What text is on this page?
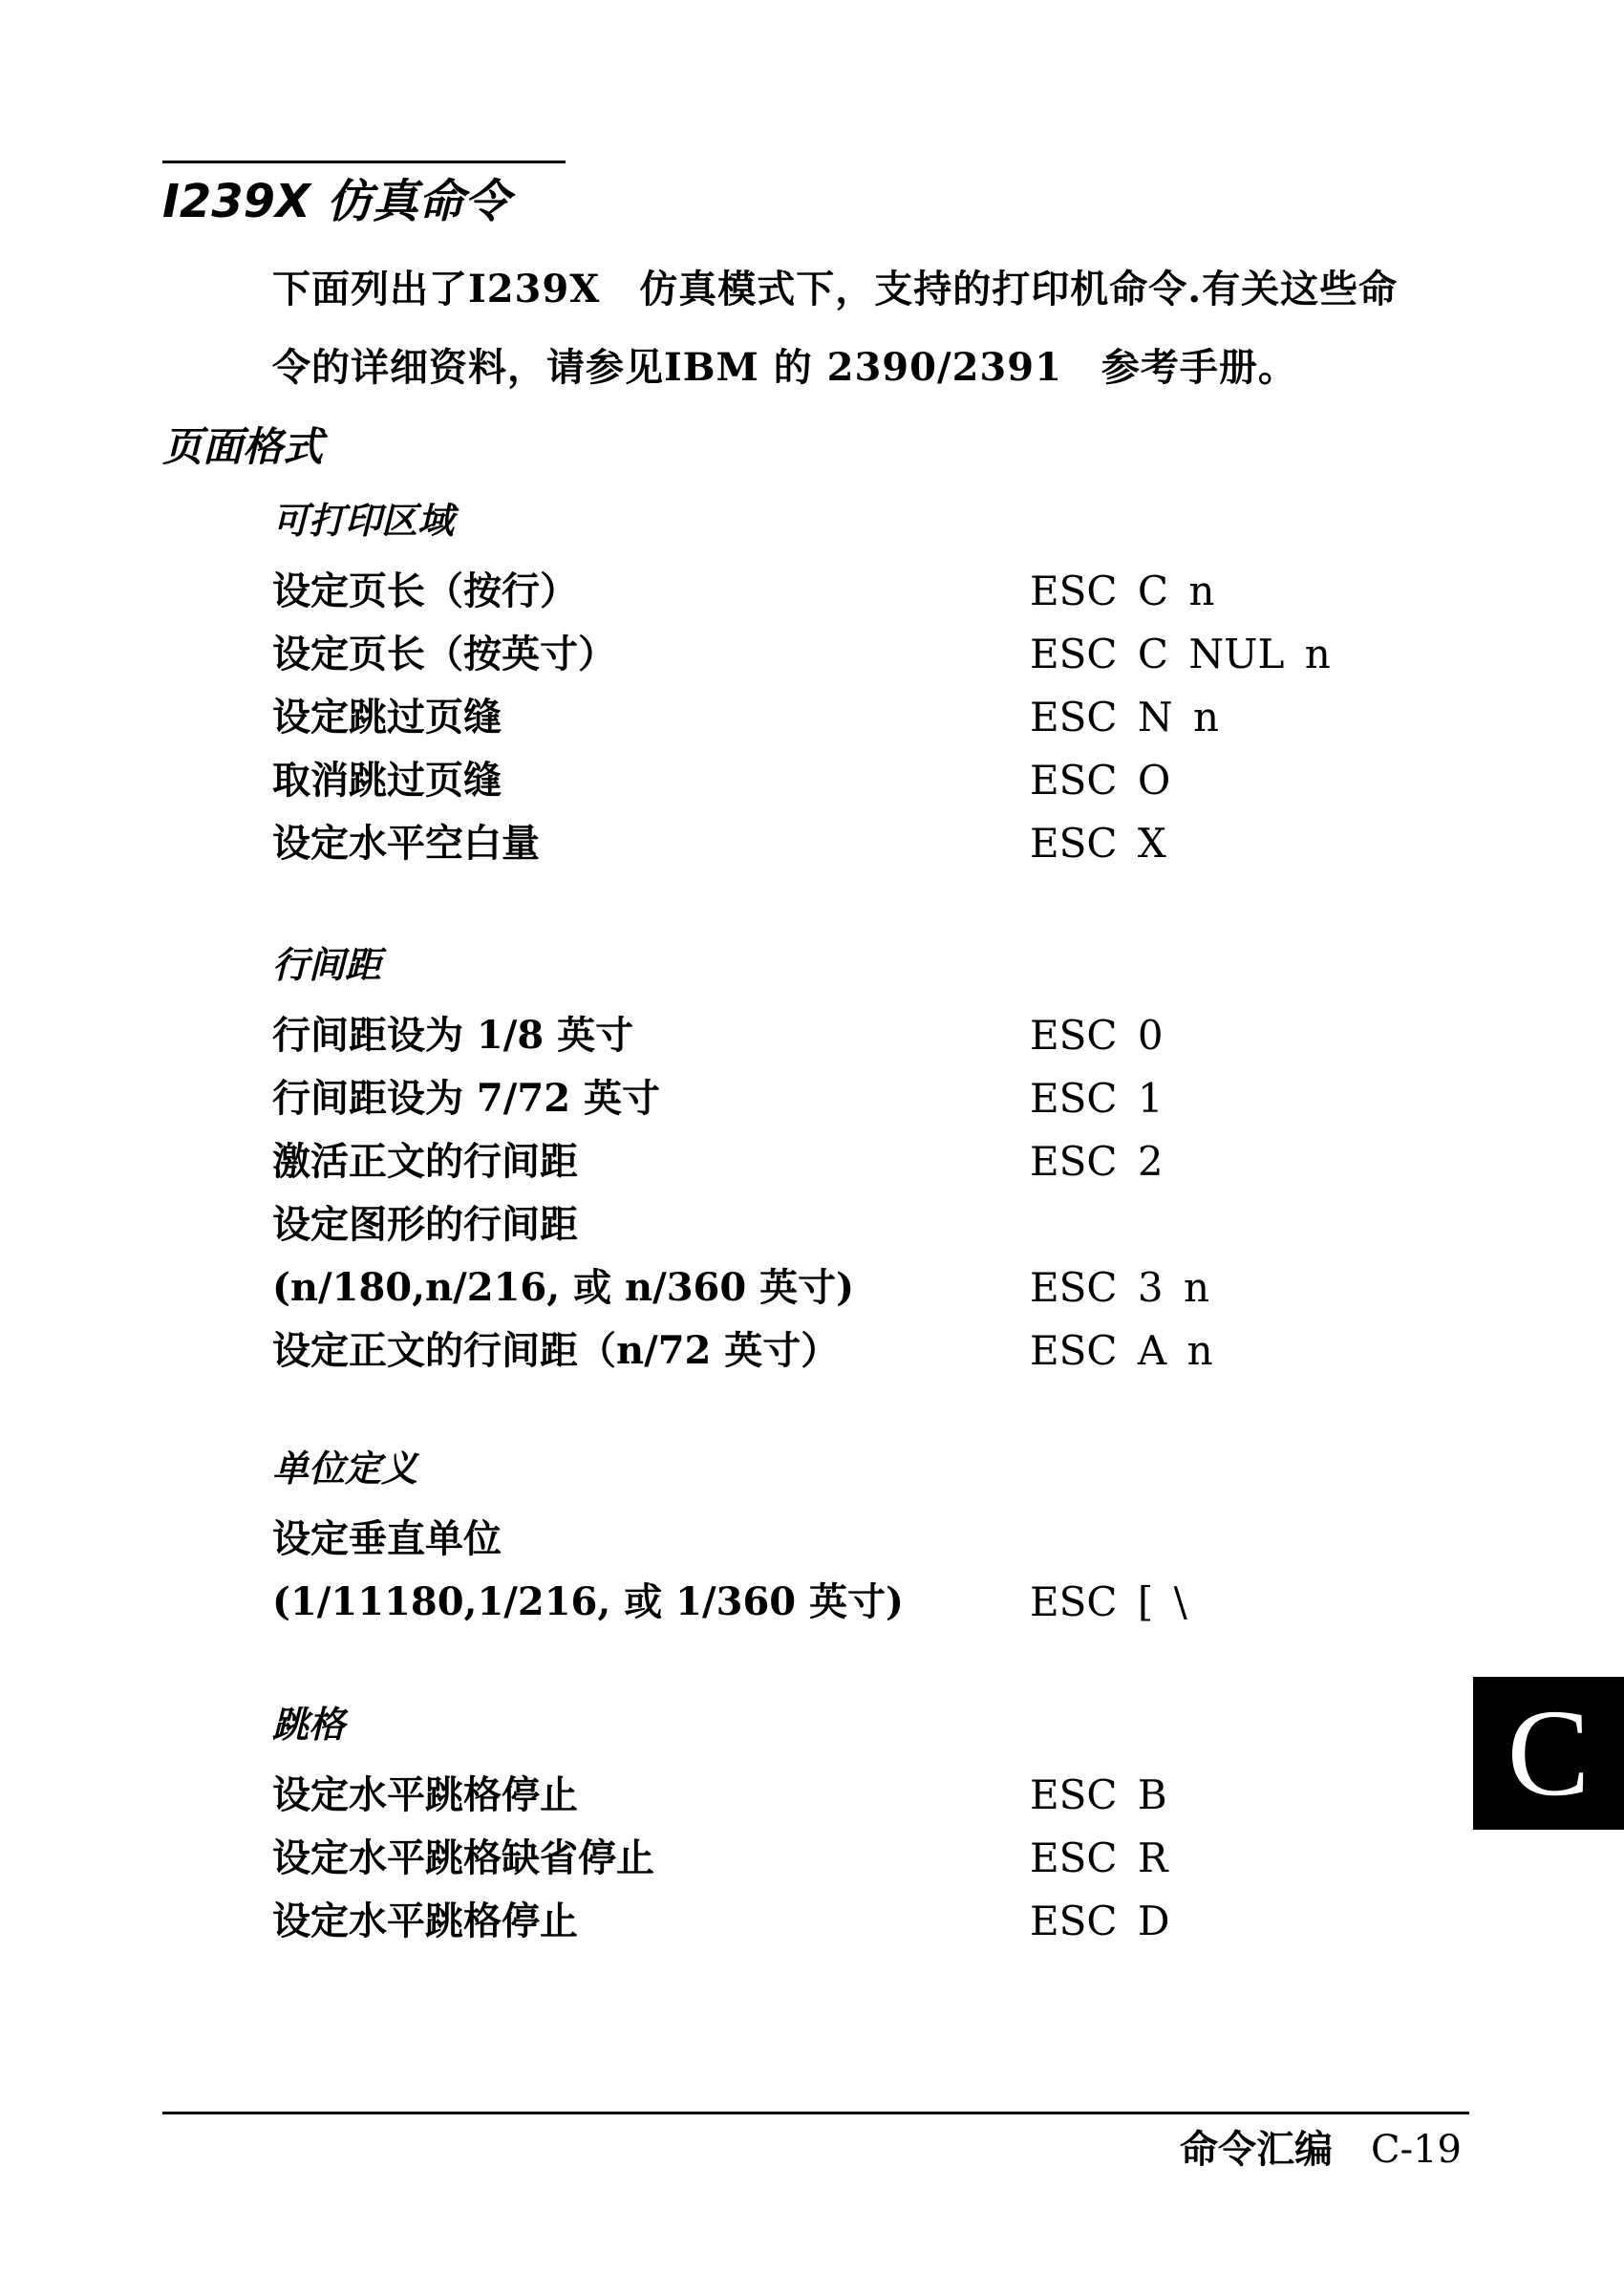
I239X 仿真命令

下面列出了I239X　仿真模式下，支持的打印机命令.有关这些命
令的详细资料，请参见IBM 的 2390/2391　参考手册。

页面格式
可打印区域
设定页长（按行）	ESC C n
设定页长（按英寸）	ESC C NUL n
设定跳过页缝	ESC N n
取消跳过页缝	ESC O
设定水平空白量	ESC X
行间距
行间距设为 1/8 英寸	ESC 0
行间距设为 7/72 英寸	ESC 1
激活正文的行间距	ESC 2
设定图形的行间距
(n/180,n/216, 或 n/360 英寸)	ESC 3 n
设定正文的行间距（n/72 英寸）	ESC A n
单位定义
设定垂直单位
(1/11180,1/216, 或 1/360 英寸)	ESC [ \
跳格
设定水平跳格停止	ESC B
设定水平跳格缺省停止	ESC R
设定水平跳格停止	ESC D
C
命令汇编 C-19
